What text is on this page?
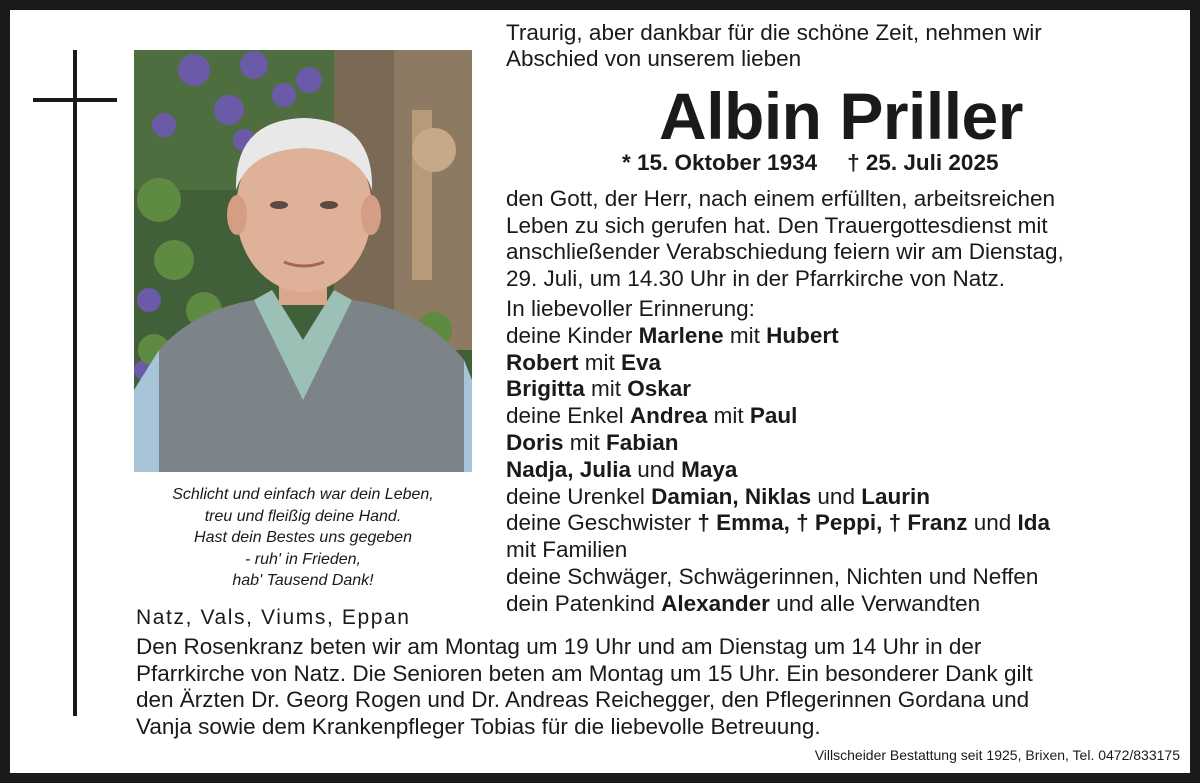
Schlicht und einfach war dein Leben,
treu und fleißig deine Hand.
Hast dein Bestes uns gegeben
- ruh' in Frieden,
hab' Tausend Dank!
Natz, Vals, Viums, Eppan
Traurig, aber dankbar für die schöne Zeit, nehmen wir
Abschied von unserem lieben
Albin Priller
* 15. Oktober 1934 † 25. Juli 2025
den Gott, der Herr, nach einem erfüllten, arbeitsreichen
Leben zu sich gerufen hat. Den Trauergottesdienst mit
anschließender Verabschiedung feiern wir am Dienstag,
29. Juli, um 14.30 Uhr in der Pfarrkirche von Natz.
In liebevoller Erinnerung:
deine Kinder Marlene mit Hubert
Robert mit Eva
Brigitta mit Oskar
deine Enkel Andrea mit Paul
Doris mit Fabian
Nadja, Julia und Maya
deine Urenkel Damian, Niklas und Laurin
deine Geschwister † Emma, † Peppi, † Franz und Ida
mit Familien
deine Schwäger, Schwägerinnen, Nichten und Neffen
dein Patenkind Alexander und alle Verwandten
Den Rosenkranz beten wir am Montag um 19 Uhr und am Dienstag um 14 Uhr in der
Pfarrkirche von Natz. Die Senioren beten am Montag um 15 Uhr. Ein besonderer Dank gilt
den Ärzten Dr. Georg Rogen und Dr. Andreas Reichegger, den Pflegerinnen Gordana und
Vanja sowie dem Krankenpfleger Tobias für die liebevolle Betreuung.
Villscheider Bestattung seit 1925, Brixen, Tel. 0472/833175
